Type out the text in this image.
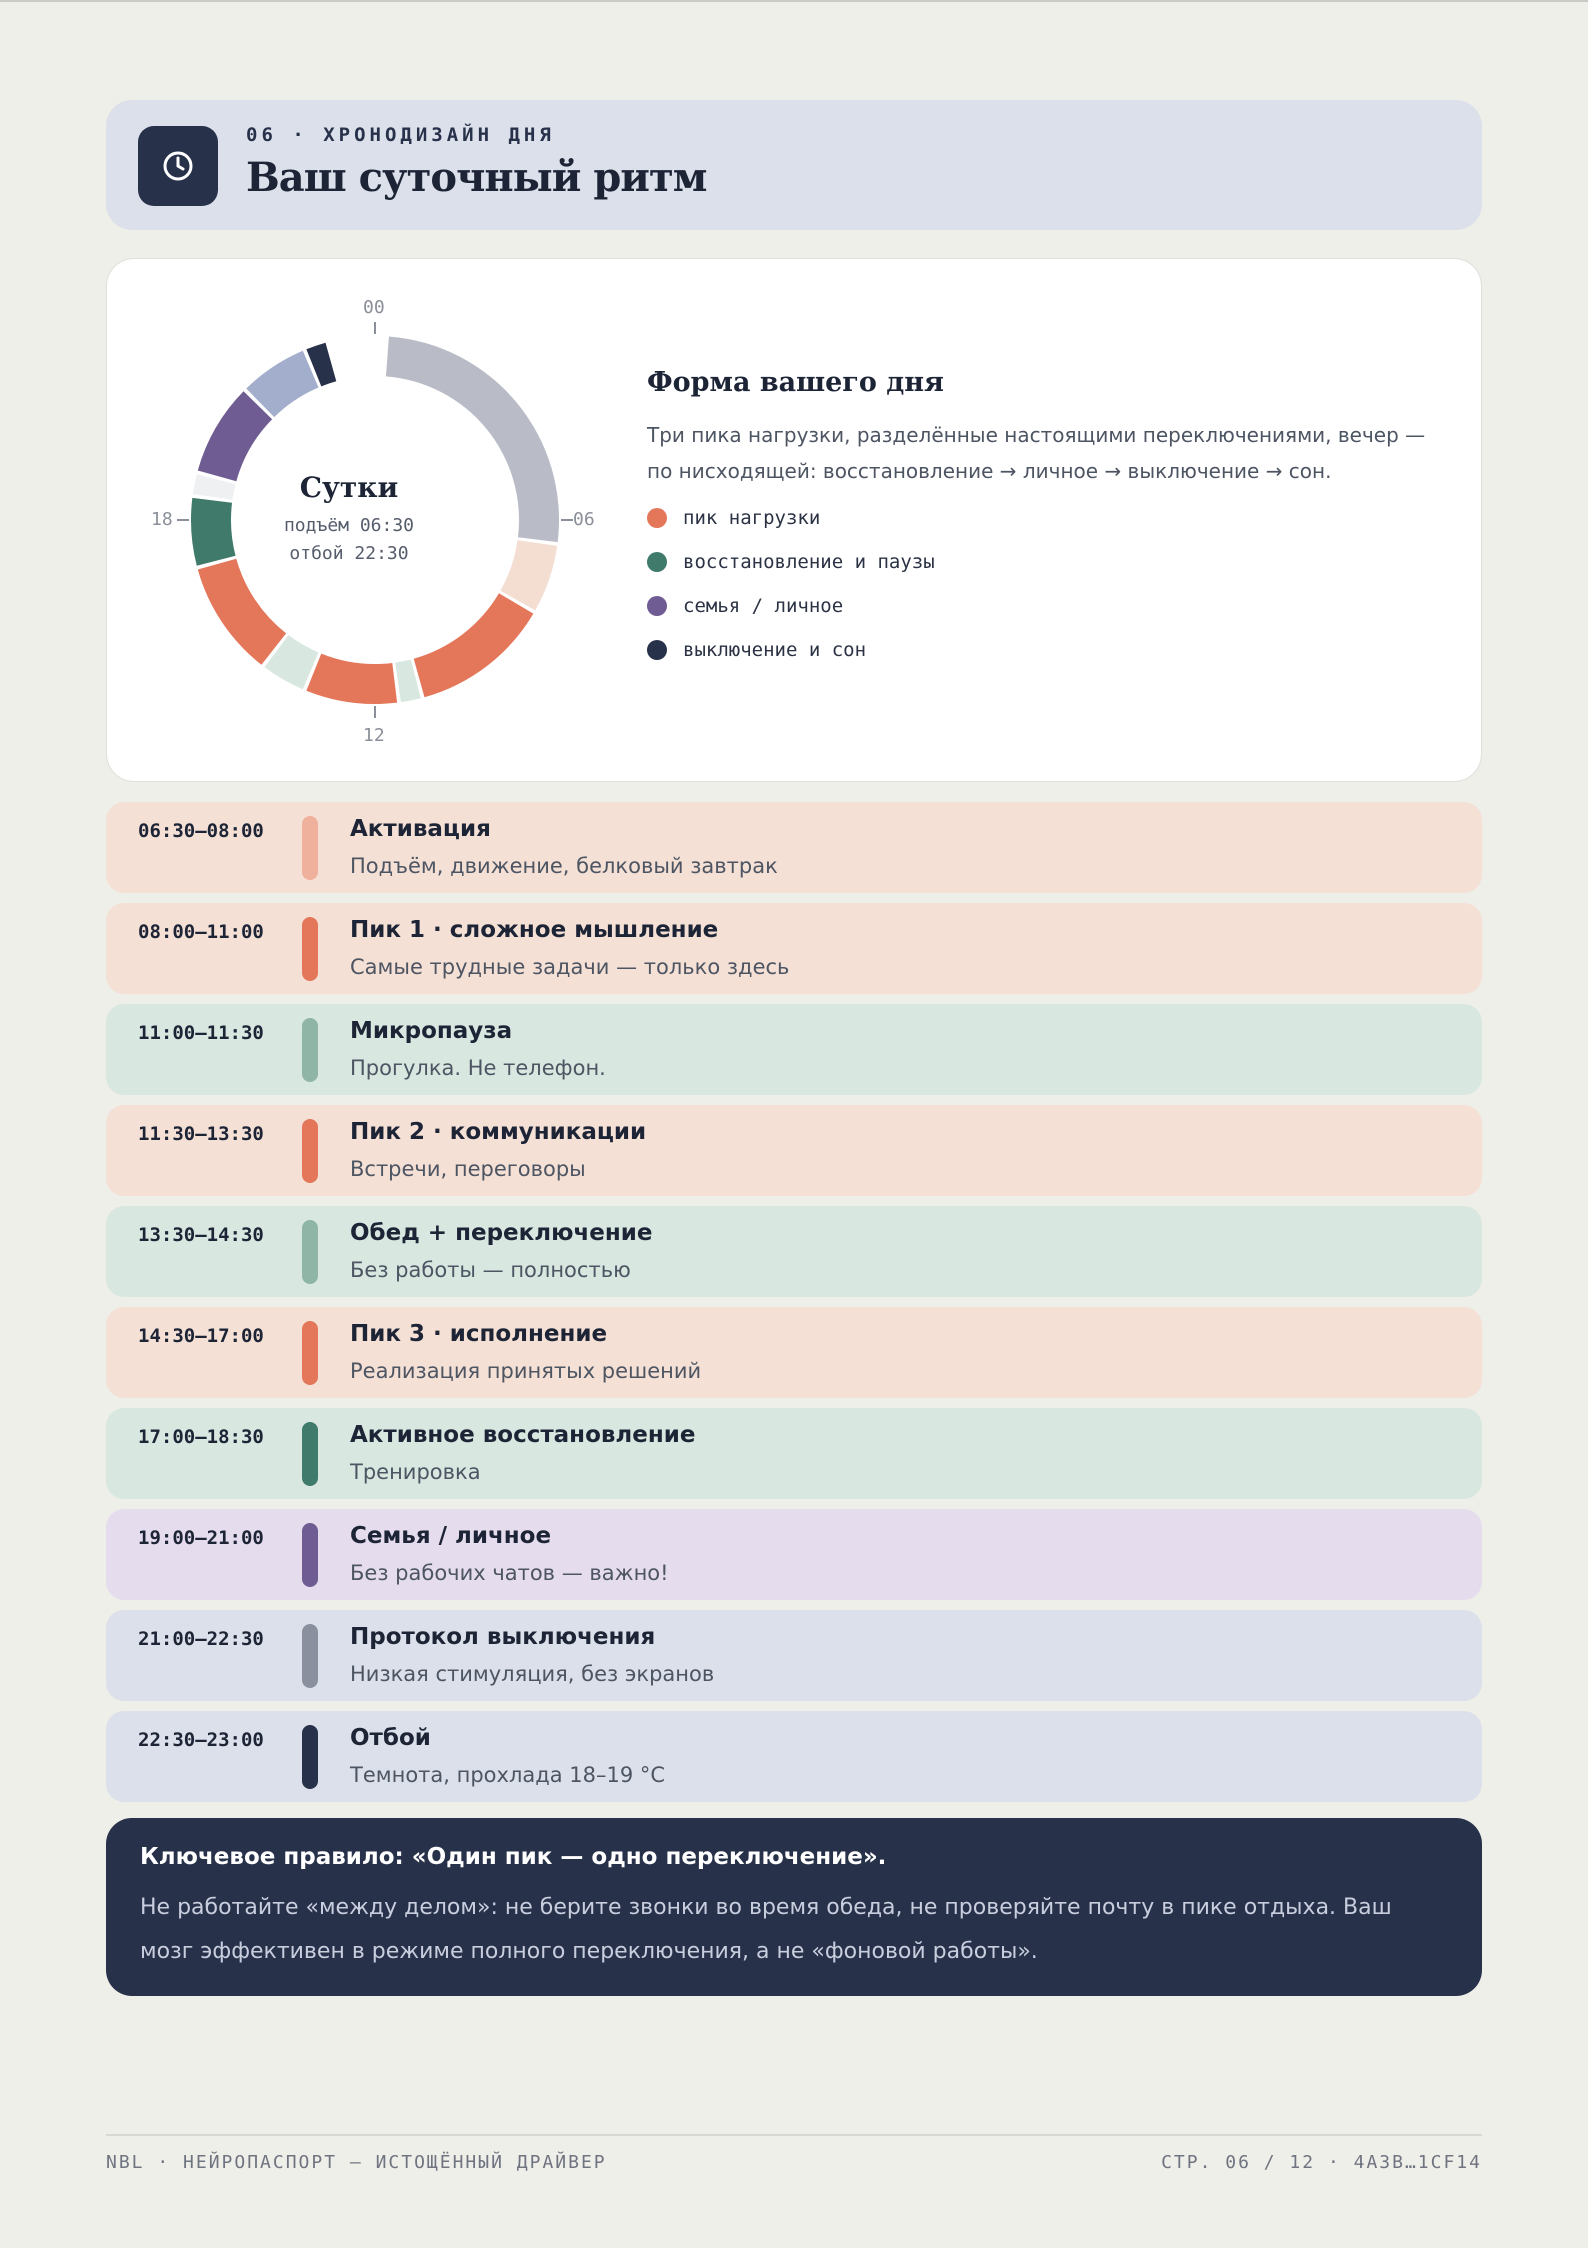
06 · ХРОНОДИЗАЙН ДНЯ
Ваш суточный ритм
00
06
12
18
Сутки
подъём 06:30
отбой 22:30
Форма вашего дня
Три пика нагрузки, разделённые настоящими переключениями, вечер — по нисходящей: восстановление → личное → выключение → сон.
пик нагрузки
восстановление и паузы
семья / личное
выключение и сон
06:30–08:00	Активация
Подъём, движение, белковый завтрак
08:00–11:00	Пик 1 · сложное мышление
Самые трудные задачи — только здесь
11:00–11:30	Микропауза
Прогулка. Не телефон.
11:30–13:30	Пик 2 · коммуникации
Встречи, переговоры
13:30–14:30	Обед + переключение
Без работы — полностью
14:30–17:00	Пик 3 · исполнение
Реализация принятых решений
17:00–18:30	Активное восстановление
Тренировка
19:00–21:00	Семья / личное
Без рабочих чатов — важно!
21:00–22:30	Протокол выключения
Низкая стимуляция, без экранов
22:30–23:00	Отбой
Темнота, прохлада 18–19 °C
Ключевое правило: «Один пик — одно переключение».
Не работайте «между делом»: не берите звонки во время обеда, не проверяйте почту в пике отдыха. Ваш мозг эффективен в режиме полного переключения, а не «фоновой работы».
NBL · НЕЙРОПАСПОРТ — ИСТОЩЁННЫЙ ДРАЙВЕР	СТР. 06 / 12 · 4A3B…1CF14
